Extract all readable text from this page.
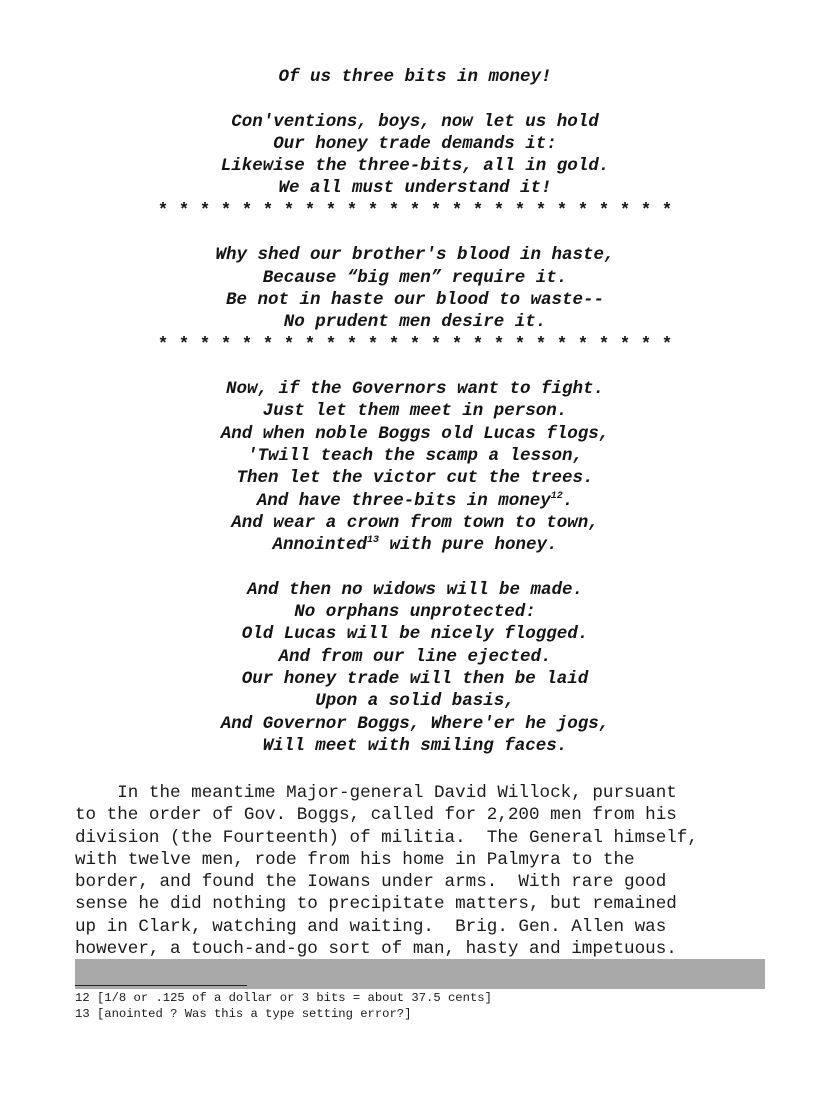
Of us three bits in money!
Con'ventions, boys, now let us hold
Our honey trade demands it:
Likewise the three-bits, all in gold.
We all must understand it!
* * * * * * * * * * * * * * * * * * * * * * * * *
Why shed our brother's blood in haste,
Because “big men” require it.
Be not in haste our blood to waste--
No prudent men desire it.
* * * * * * * * * * * * * * * * * * * * * * * * *
Now, if the Governors want to fight.
Just let them meet in person.
And when noble Boggs old Lucas flogs,
'Twill teach the scamp a lesson,
Then let the victor cut the trees.
And have three-bits in money$^{12}$.
And wear a crown from town to town,
Annointed$^{13}$ with pure honey.
And then no widows will be made.
No orphans unprotected:
Old Lucas will be nicely flogged.
And from our line ejected.
Our honey trade will then be laid
Upon a solid basis,
And Governor Boggs, Where'er he jogs,
Will meet with smiling faces.
In the meantime Major-general David Willock, pursuant
to the order of Gov. Boggs, called for 2,200 men from his
division (the Fourteenth) of militia.  The General himself,
with twelve men, rode from his home in Palmyra to the
border, and found the Iowans under arms.  With rare good
sense he did nothing to precipitate matters, but remained
up in Clark, watching and waiting.  Brig. Gen. Allen was
however, a touch-and-go sort of man, hasty and impetuous.
12 [1/8 or .125 of a dollar or 3 bits = about 37.5 cents]
13 [anointed ? Was this a type setting error?]
